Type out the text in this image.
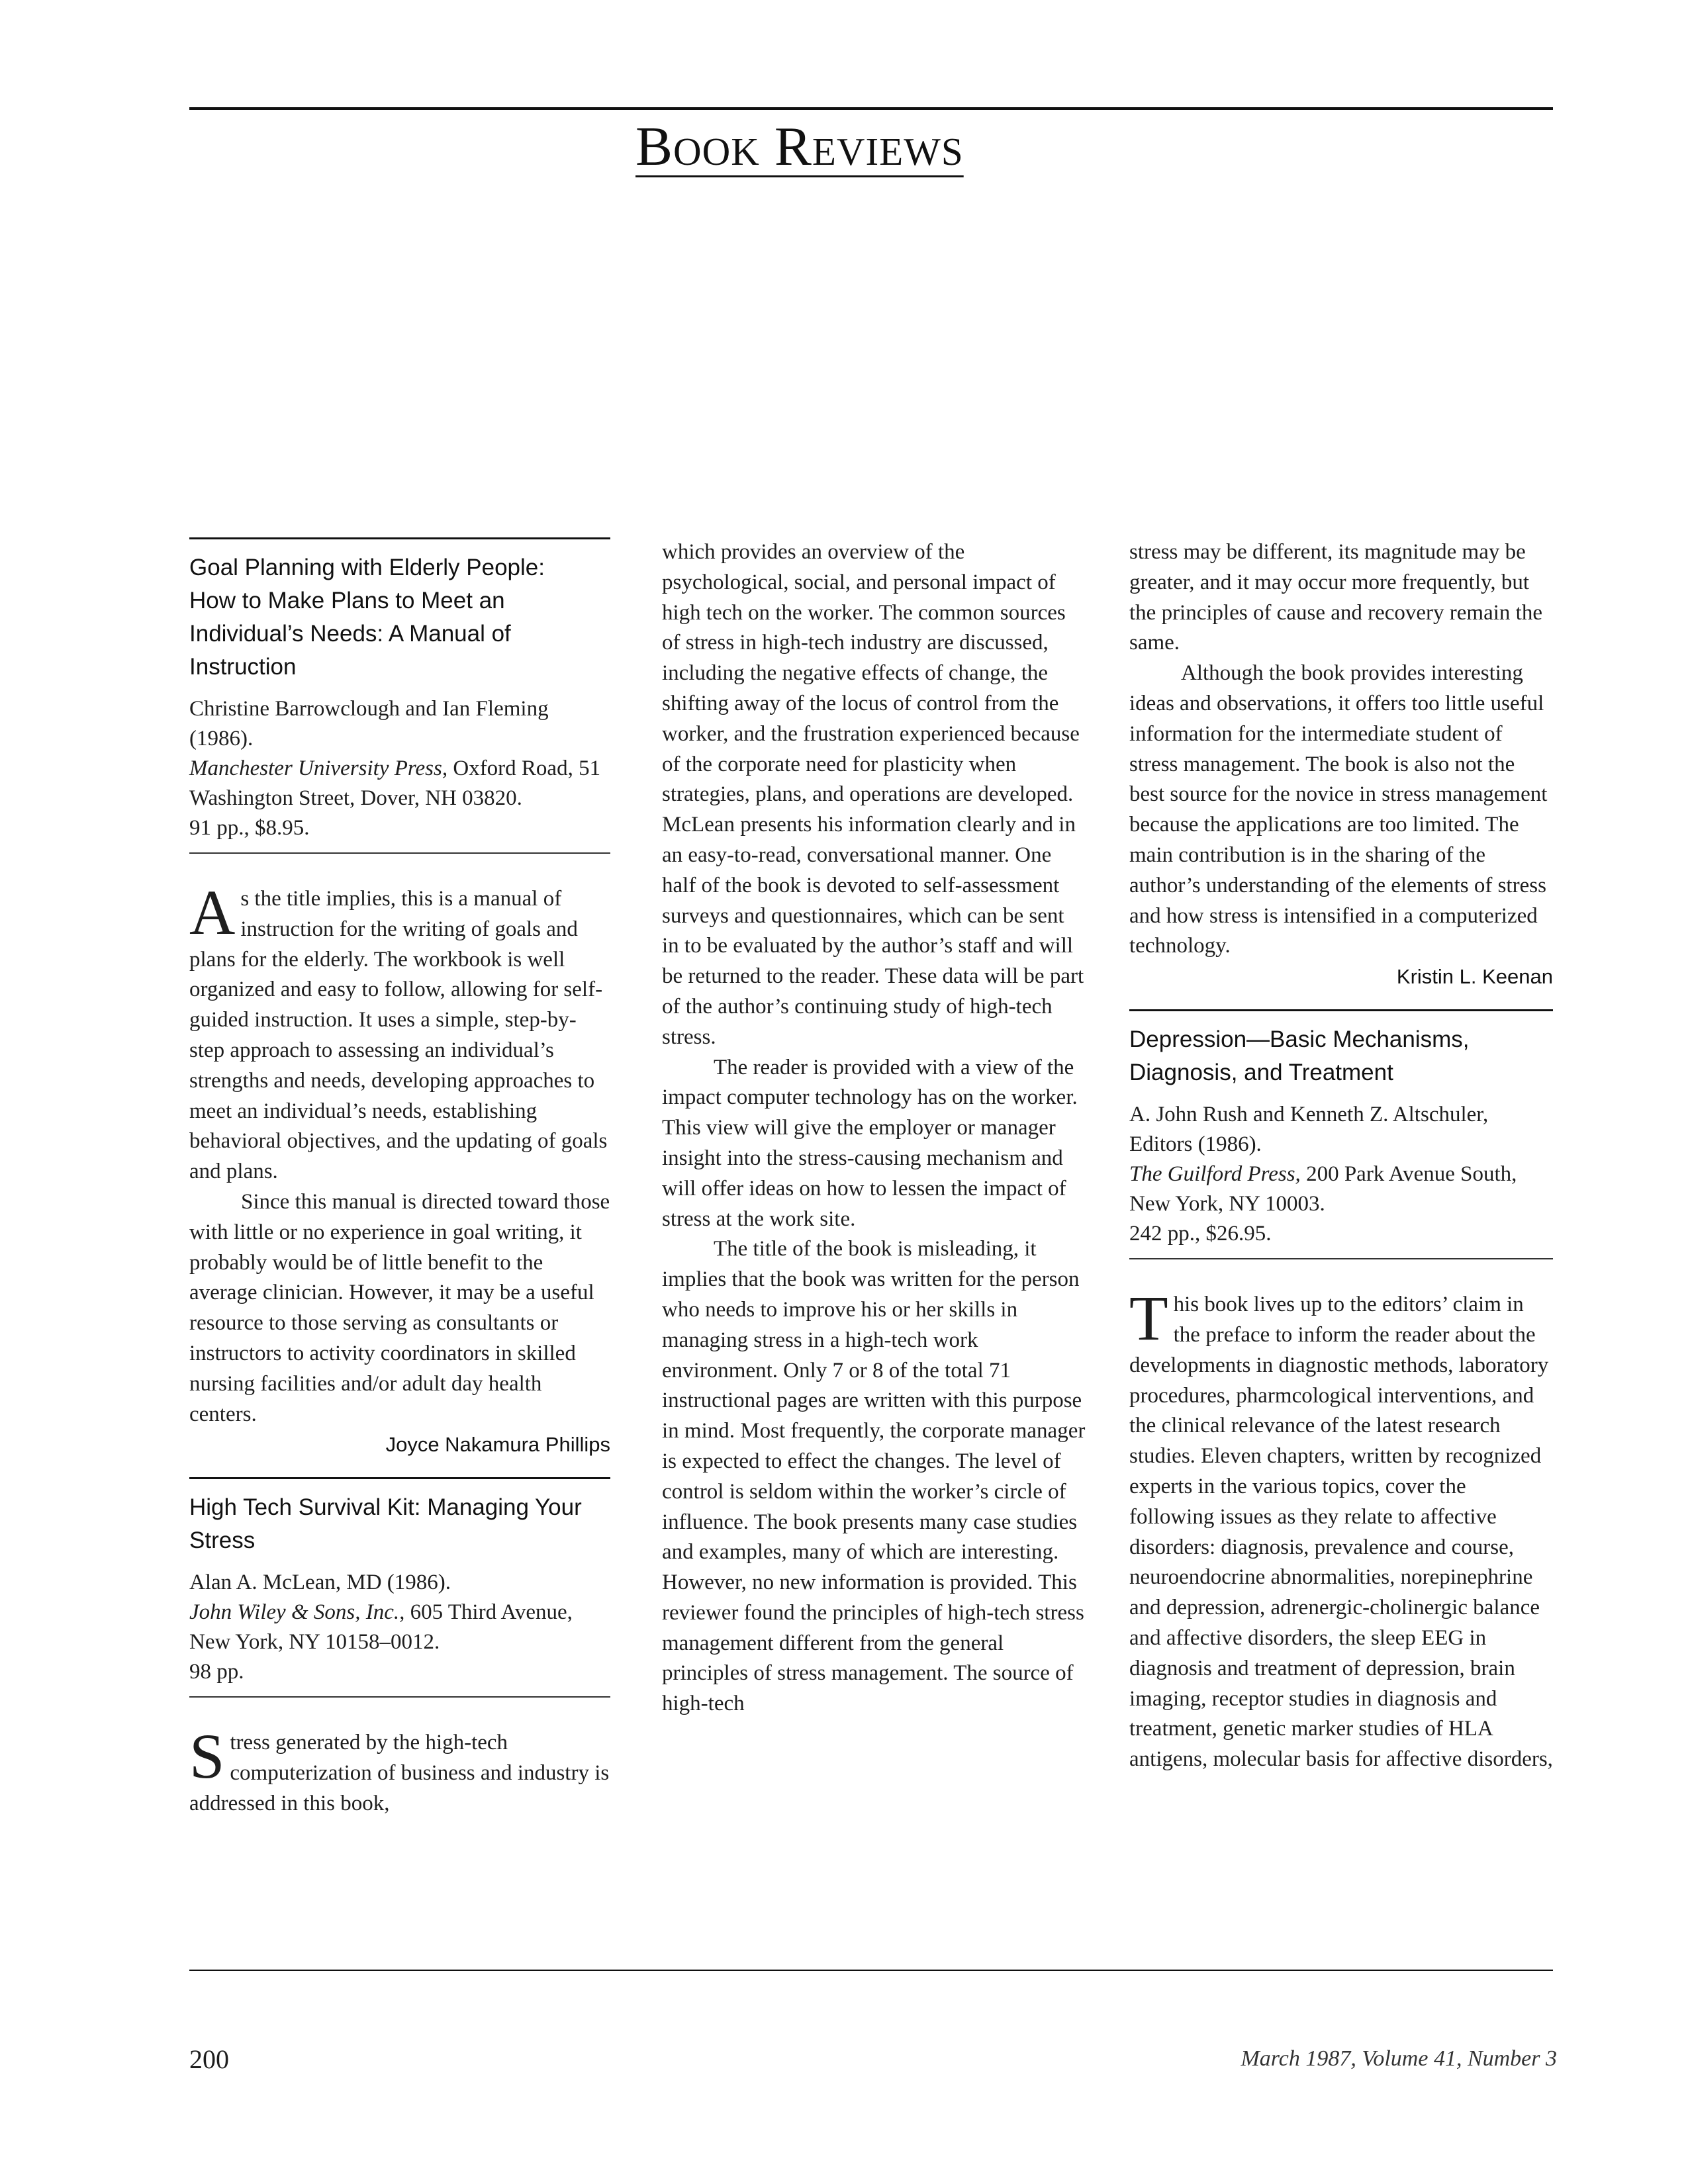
Book Reviews
Goal Planning with Elderly People: How to Make Plans to Meet an Individual’s Needs: A Manual of Instruction
Christine Barrowclough and Ian Fleming (1986).
Manchester University Press, Oxford Road, 51 Washington Street, Dover, NH 03820.
91 pp., $8.95.

As the title implies, this is a manual of instruction for the writing of goals and plans for the elderly. The workbook is well organized and easy to follow, allowing for self-guided instruction. It uses a simple, step-by-step approach to assessing an individual’s strengths and needs, developing approaches to meet an individual’s needs, establishing behavioral objectives, and the updating of goals and plans.

Since this manual is directed toward those with little or no experience in goal writing, it probably would be of little benefit to the average clinician. However, it may be a useful resource to those serving as consultants or instructors to activity coordinators in skilled nursing facilities and/or adult day health centers.

Joyce Nakamura Phillips
High Tech Survival Kit: Managing Your Stress
Alan A. McLean, MD (1986).
John Wiley & Sons, Inc., 605 Third Avenue, New York, NY 10158–0012.
98 pp.

Stress generated by the high-tech computerization of business and industry is addressed in this book,

which provides an overview of the psychological, social, and personal impact of high tech on the worker. The common sources of stress in high-tech industry are discussed, including the negative effects of change, the shifting away of the locus of control from the worker, and the frustration experienced because of the corporate need for plasticity when strategies, plans, and operations are developed. McLean presents his information clearly and in an easy-to-read, conversational manner. One half of the book is devoted to self-assessment surveys and questionnaires, which can be sent in to be evaluated by the author’s staff and will be returned to the reader. These data will be part of the author’s continuing study of high-tech stress.

The reader is provided with a view of the impact computer technology has on the worker. This view will give the employer or manager insight into the stress-causing mechanism and will offer ideas on how to lessen the impact of stress at the work site.

The title of the book is misleading, it implies that the book was written for the person who needs to improve his or her skills in managing stress in a high-tech work environment. Only 7 or 8 of the total 71 instructional pages are written with this purpose in mind. Most frequently, the corporate manager is expected to effect the changes. The level of control is seldom within the worker’s circle of influence. The book presents many case studies and examples, many of which are interesting. However, no new information is provided. This reviewer found the principles of high-tech stress management different from the general principles of stress management. The source of high-tech

stress may be different, its magnitude may be greater, and it may occur more frequently, but the principles of cause and recovery remain the same.

Although the book provides interesting ideas and observations, it offers too little useful information for the intermediate student of stress management. The book is also not the best source for the novice in stress management because the applications are too limited. The main contribution is in the sharing of the author’s understanding of the elements of stress and how stress is intensified in a computerized technology.

Kristin L. Keenan
Depression—Basic Mechanisms, Diagnosis, and Treatment
A. John Rush and Kenneth Z. Altschuler, Editors (1986).
The Guilford Press, 200 Park Avenue South, New York, NY 10003.
242 pp., $26.95.

This book lives up to the editors’ claim in the preface to inform the reader about the developments in diagnostic methods, laboratory procedures, pharmcological interventions, and the clinical relevance of the latest research studies. Eleven chapters, written by recognized experts in the various topics, cover the following issues as they relate to affective disorders: diagnosis, prevalence and course, neuroendocrine abnormalities, norepinephrine and depression, adrenergic-cholinergic balance and affective disorders, the sleep EEG in diagnosis and treatment of depression, brain imaging, receptor studies in diagnosis and treatment, genetic marker studies of HLA antigens, molecular basis for affective disorders,

200	March 1987, Volume 41, Number 3
